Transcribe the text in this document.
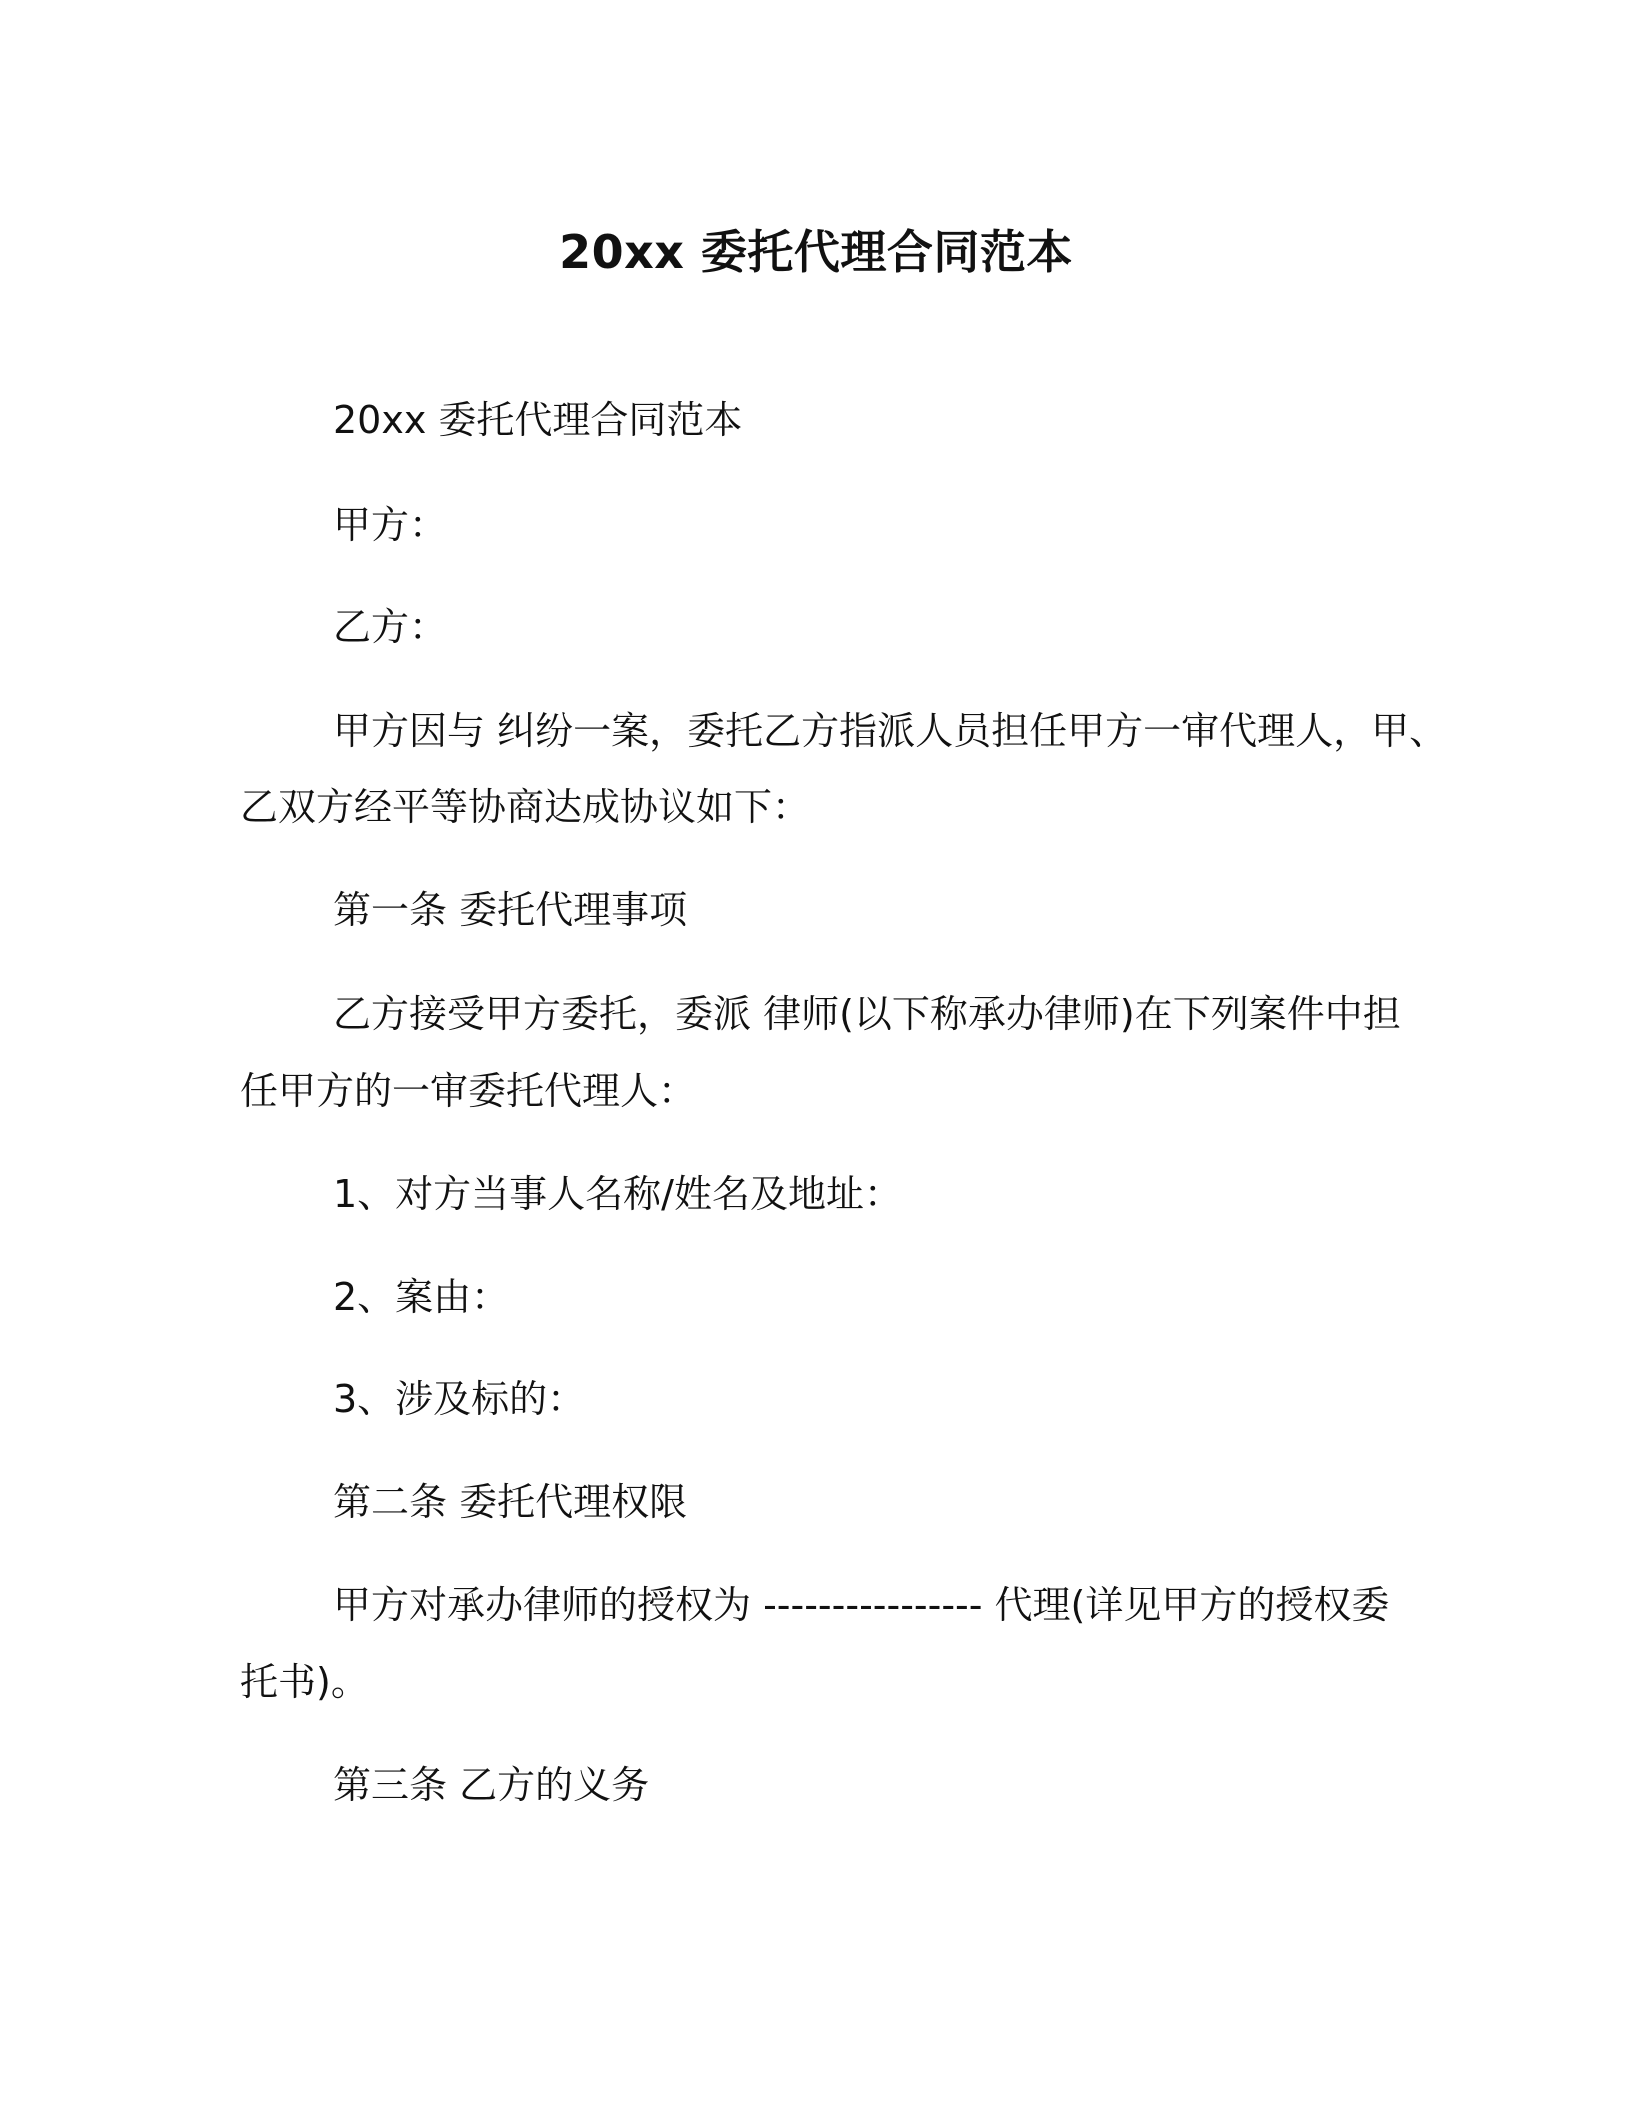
20xx 委托代理合同范本
20xx 委托代理合同范本
甲方：
乙方：
甲方因与 纠纷一案，委托乙方指派人员担任甲方一审代理人，甲、
乙双方经平等协商达成协议如下：
第一条 委托代理事项
乙方接受甲方委托，委派 律师(以下称承办律师)在下列案件中担
任甲方的一审委托代理人：
1、对方当事人名称/姓名及地址：
2、案由：
3、涉及标的：
第二条 委托代理权限
甲方对承办律师的授权为 ---------------- 代理(详见甲方的授权委
托书)。
第三条 乙方的义务
